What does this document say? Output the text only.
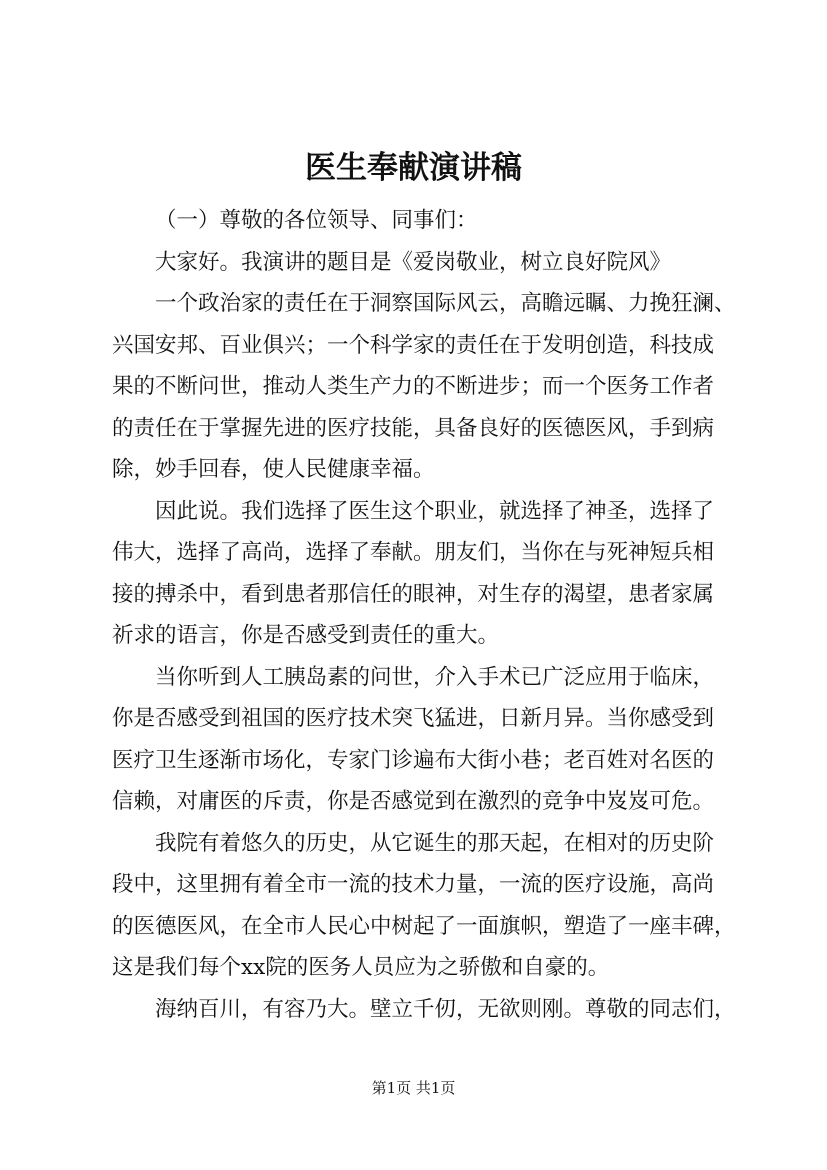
医生奉献演讲稿
（一）尊敬的各位领导、同事们：
大家好。我演讲的题目是《爱岗敬业，树立良好院风》
一个政治家的责任在于洞察国际风云，高瞻远瞩、力挽狂澜、
兴国安邦、百业俱兴；一个科学家的责任在于发明创造，科技成
果的不断问世，推动人类生产力的不断进步；而一个医务工作者
的责任在于掌握先进的医疗技能，具备良好的医德医风，手到病
除，妙手回春，使人民健康幸福。
因此说。我们选择了医生这个职业，就选择了神圣，选择了
伟大，选择了高尚，选择了奉献。朋友们，当你在与死神短兵相
接的搏杀中，看到患者那信任的眼神，对生存的渴望，患者家属
祈求的语言，你是否感受到责任的重大。
当你听到人工胰岛素的问世，介入手术已广泛应用于临床，
你是否感受到祖国的医疗技术突飞猛进，日新月异。当你感受到
医疗卫生逐渐市场化，专家门诊遍布大街小巷；老百姓对名医的
信赖，对庸医的斥责，你是否感觉到在激烈的竞争中岌岌可危。
我院有着悠久的历史，从它诞生的那天起，在相对的历史阶
段中，这里拥有着全市一流的技术力量，一流的医疗设施，高尚
的医德医风，在全市人民心中树起了一面旗帜，塑造了一座丰碑，
这是我们每个xx院的医务人员应为之骄傲和自豪的。
海纳百川，有容乃大。壁立千仞，无欲则刚。尊敬的同志们，
第1页 共1页
